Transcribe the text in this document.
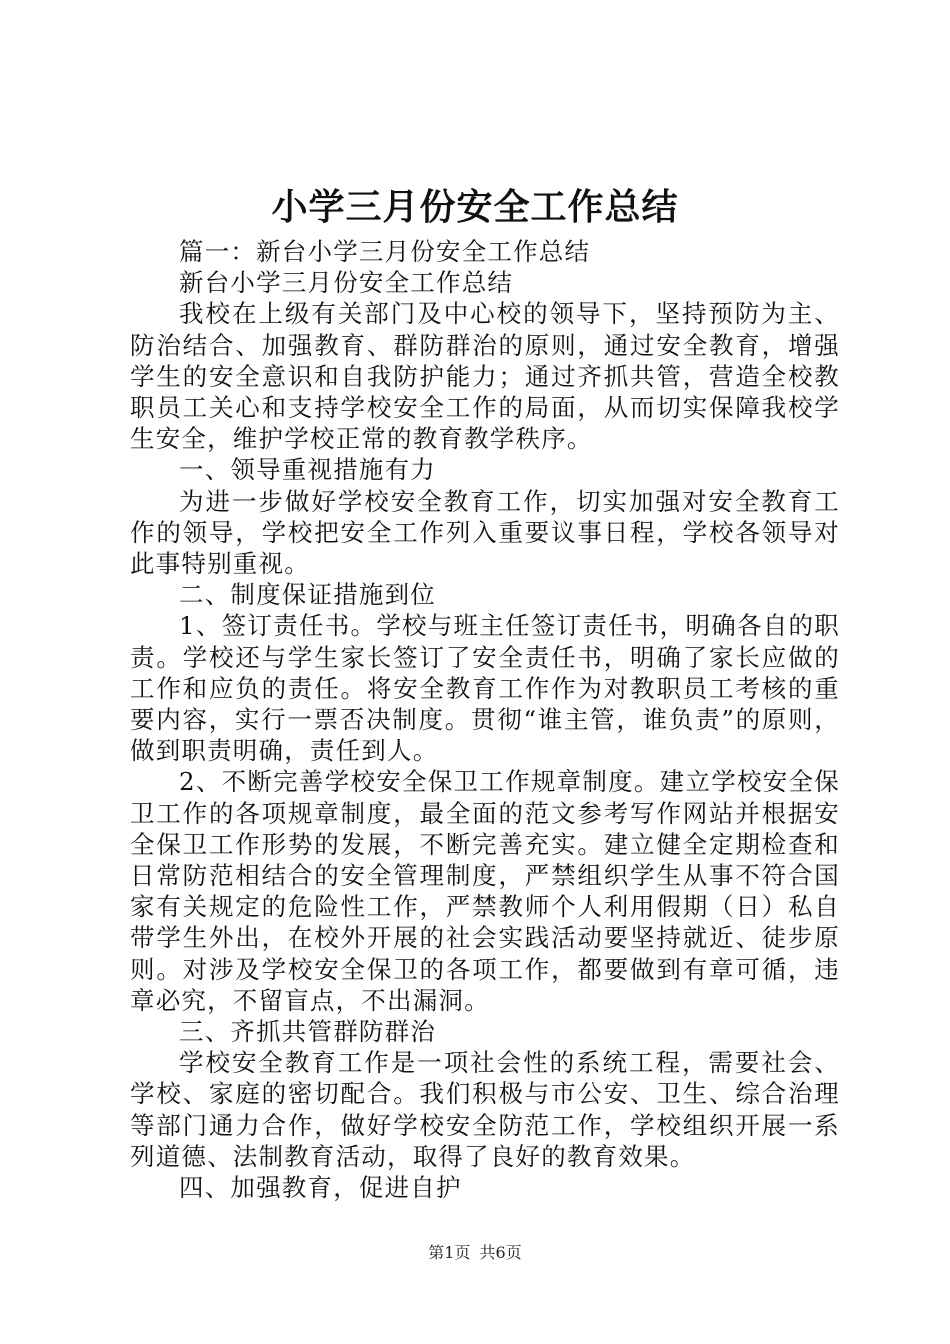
小学三月份安全工作总结

篇一：新台小学三月份安全工作总结

新台小学三月份安全工作总结

我校在上级有关部门及中心校的领导下，坚持预防为主、防治结合、加强教育、群防群治的原则，通过安全教育，增强学生的安全意识和自我防护能力；通过齐抓共管，营造全校教职员工关心和支持学校安全工作的局面，从而切实保障我校学生安全，维护学校正常的教育教学秩序。

一、领导重视措施有力

为进一步做好学校安全教育工作，切实加强对安全教育工作的领导，学校把安全工作列入重要议事日程，学校各领导对此事特别重视。

二、制度保证措施到位

1、签订责任书。学校与班主任签订责任书，明确各自的职责。学校还与学生家长签订了安全责任书，明确了家长应做的工作和应负的责任。将安全教育工作作为对教职员工考核的重要内容，实行一票否决制度。贯彻“谁主管，谁负责”的原则，做到职责明确，责任到人。

2、不断完善学校安全保卫工作规章制度。建立学校安全保卫工作的各项规章制度，最全面的范文参考写作网站并根据安全保卫工作形势的发展，不断完善充实。建立健全定期检查和日常防范相结合的安全管理制度，严禁组织学生从事不符合国家有关规定的危险性工作，严禁教师个人利用假期（日）私自带学生外出，在校外开展的社会实践活动要坚持就近、徒步原则。对涉及学校安全保卫的各项工作，都要做到有章可循，违章必究，不留盲点，不出漏洞。

三、齐抓共管群防群治

学校安全教育工作是一项社会性的系统工程，需要社会、学校、家庭的密切配合。我们积极与市公安、卫生、综合治理等部门通力合作，做好学校安全防范工作，学校组织开展一系列道德、法制教育活动，取得了良好的教育效果。

四、加强教育，促进自护

第1页 共6页
